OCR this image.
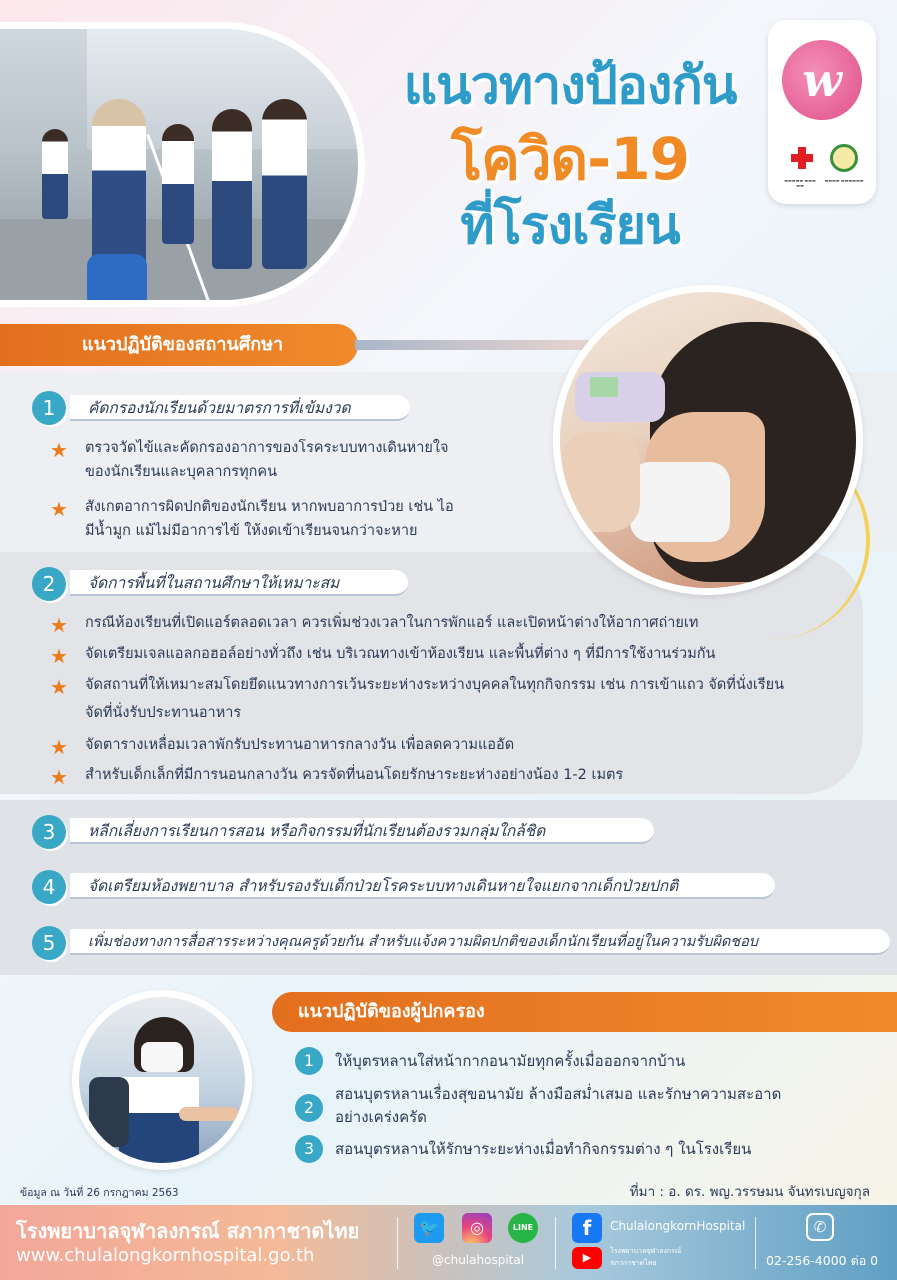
แนวทางป้องกัน
โควิด-19
ที่โรงเรียน
w
▬▬▬▬▬ ▬▬▬ ▬▬
▬▬▬▬ ▬▬▬▬▬▬
แนวปฏิบัติของสถานศึกษา
1	คัดกรองนักเรียนด้วยมาตรการที่เข้มงวด
★ ตรวจวัดไข้และคัดกรองอาการของโรคระบบทางเดินหายใจ
ของนักเรียนและบุคลากรทุกคน
★ สังเกตอาการผิดปกติของนักเรียน หากพบอาการป่วย เช่น ไอ
มีน้ำมูก แม้ไม่มีอาการไข้ ให้งดเข้าเรียนจนกว่าจะหาย
2	จัดการพื้นที่ในสถานศึกษาให้เหมาะสม
★ กรณีห้องเรียนที่เปิดแอร์ตลอดเวลา ควรเพิ่มช่วงเวลาในการพักแอร์ และเปิดหน้าต่างให้อากาศถ่ายเท
★ จัดเตรียมเจลแอลกอฮอล์อย่างทั่วถึง เช่น บริเวณทางเข้าห้องเรียน และพื้นที่ต่าง ๆ ที่มีการใช้งานร่วมกัน
★ จัดสถานที่ให้เหมาะสมโดยยึดแนวทางการเว้นระยะห่างระหว่างบุคคลในทุกกิจกรรม เช่น การเข้าแถว จัดที่นั่งเรียน
จัดที่นั่งรับประทานอาหาร
★ จัดตารางเหลื่อมเวลาพักรับประทานอาหารกลางวัน เพื่อลดความแออัด
★ สำหรับเด็กเล็กที่มีการนอนกลางวัน ควรจัดที่นอนโดยรักษาระยะห่างอย่างน้อง 1-2 เมตร
3	หลีกเลี่ยงการเรียนการสอน หรือกิจกรรมที่นักเรียนต้องรวมกลุ่มใกล้ชิด
4	จัดเตรียมห้องพยาบาล สำหรับรองรับเด็กป่วยโรคระบบทางเดินหายใจแยกจากเด็กป่วยปกติ
5	เพิ่มช่องทางการสื่อสารระหว่างคุณครูด้วยกัน สำหรับแจ้งความผิดปกติของเด็กนักเรียนที่อยู่ในความรับผิดชอบ
แนวปฏิบัติของผู้ปกครอง
1	ให้บุตรหลานใส่หน้ากากอนามัยทุกครั้งเมื่อออกจากบ้าน
2
สอนบุตรหลานเรื่องสุขอนามัย ล้างมือสม่ำเสมอ และรักษาความสะอาด
อย่างเคร่งครัด
3	สอนบุตรหลานให้รักษาระยะห่างเมื่อทำกิจกรรมต่าง ๆ ในโรงเรียน
ข้อมูล ณ วันที่ 26 กรกฎาคม 2563	ที่มา : อ. ดร. พญ.วรรษมน จันทรเบญจกุล
โรงพยาบาลจุฬาลงกรณ์ สภากาชาดไทย
www.chulalongkornhospital.go.th
🐦	◎	LINE
@chulahospital
f	ChulalongkornHospital
▶	โรงพยาบาลจุฬาลงกรณ์
สภากาชาดไทย
✆
02-256-4000 ต่อ 0
